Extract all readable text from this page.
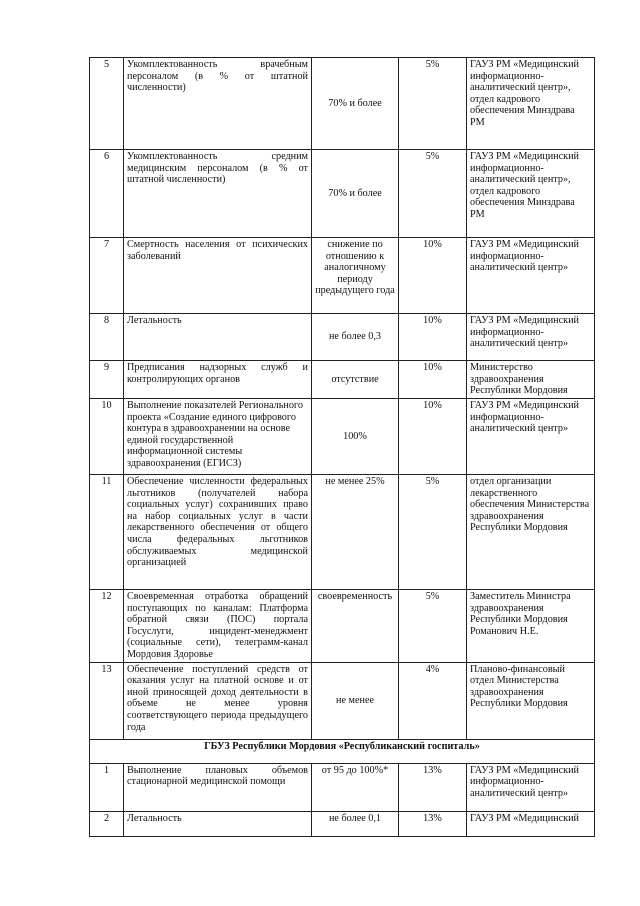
5	Укомплектованность врачебным персоналом (в % от штатной численности)	70% и более	5%	ГАУЗ РМ «Медицинский информационно-аналитический центр», отдел кадрового обеспечения Минздрава РМ
6	Укомплектованность средним медицинским персоналом (в % от штатной численности)	70% и более	5%	ГАУЗ РМ «Медицинский информационно-аналитический центр», отдел кадрового обеспечения Минздрава РМ
7	Смертность населения от психических заболеваний	снижение по отношению к аналогичному периоду предыдущего года	10%	ГАУЗ РМ «Медицинский информационно-аналитический центр»
8	Летальность	не более 0,3	10%	ГАУЗ РМ «Медицинский информационно-аналитический центр»
9	Предписания надзорных служб и контролирующих органов	отсутствие	10%	Министерство здравоохранения Республики Мордовия
10	Выполнение показателей Регионального проекта «Создание единого цифрового контура в здравоохранении на основе единой государственной информационной системы здравоохранения (ЕГИСЗ)	100%	10%	ГАУЗ РМ «Медицинский информационно-аналитический центр»
11	Обеспечение численности федеральных льготников (получателей набора социальных услуг) сохранивших право на набор социальных услуг в части лекарственного обеспечения от общего числа федеральных льготников обслуживаемых медицинской организацией	не менее 25%	5%	отдел организации лекарственного обеспечения Министерства здравоохранения Республики Мордовия
12	Своевременная отработка обращений поступающих по каналам: Платформа обратной связи (ПОС) портала Госуслуги, инцидент-менеджмент (социальные сети), телеграмм-канал Мордовия Здоровье	своевременность	5%	Заместитель Министра здравоохранения Республики Мордовия Романович Н.Е.
13	Обеспечение поступлений средств от оказания услуг на платной основе и от иной приносящей доход деятельности в объеме не менее уровня соответствующего периода предыдущего года	не менее	4%	Планово-финансовый отдел Министерства здравоохранения Республики Мордовия
ГБУЗ Республики Мордовия «Республиканский госпиталь»				
1	Выполнение плановых объемов стационарной медицинской помощи	от 95 до 100%*	13%	ГАУЗ РМ «Медицинский информационно-аналитический центр»
2	Летальность	не более 0,1	13%	ГАУЗ РМ «Медицинский
